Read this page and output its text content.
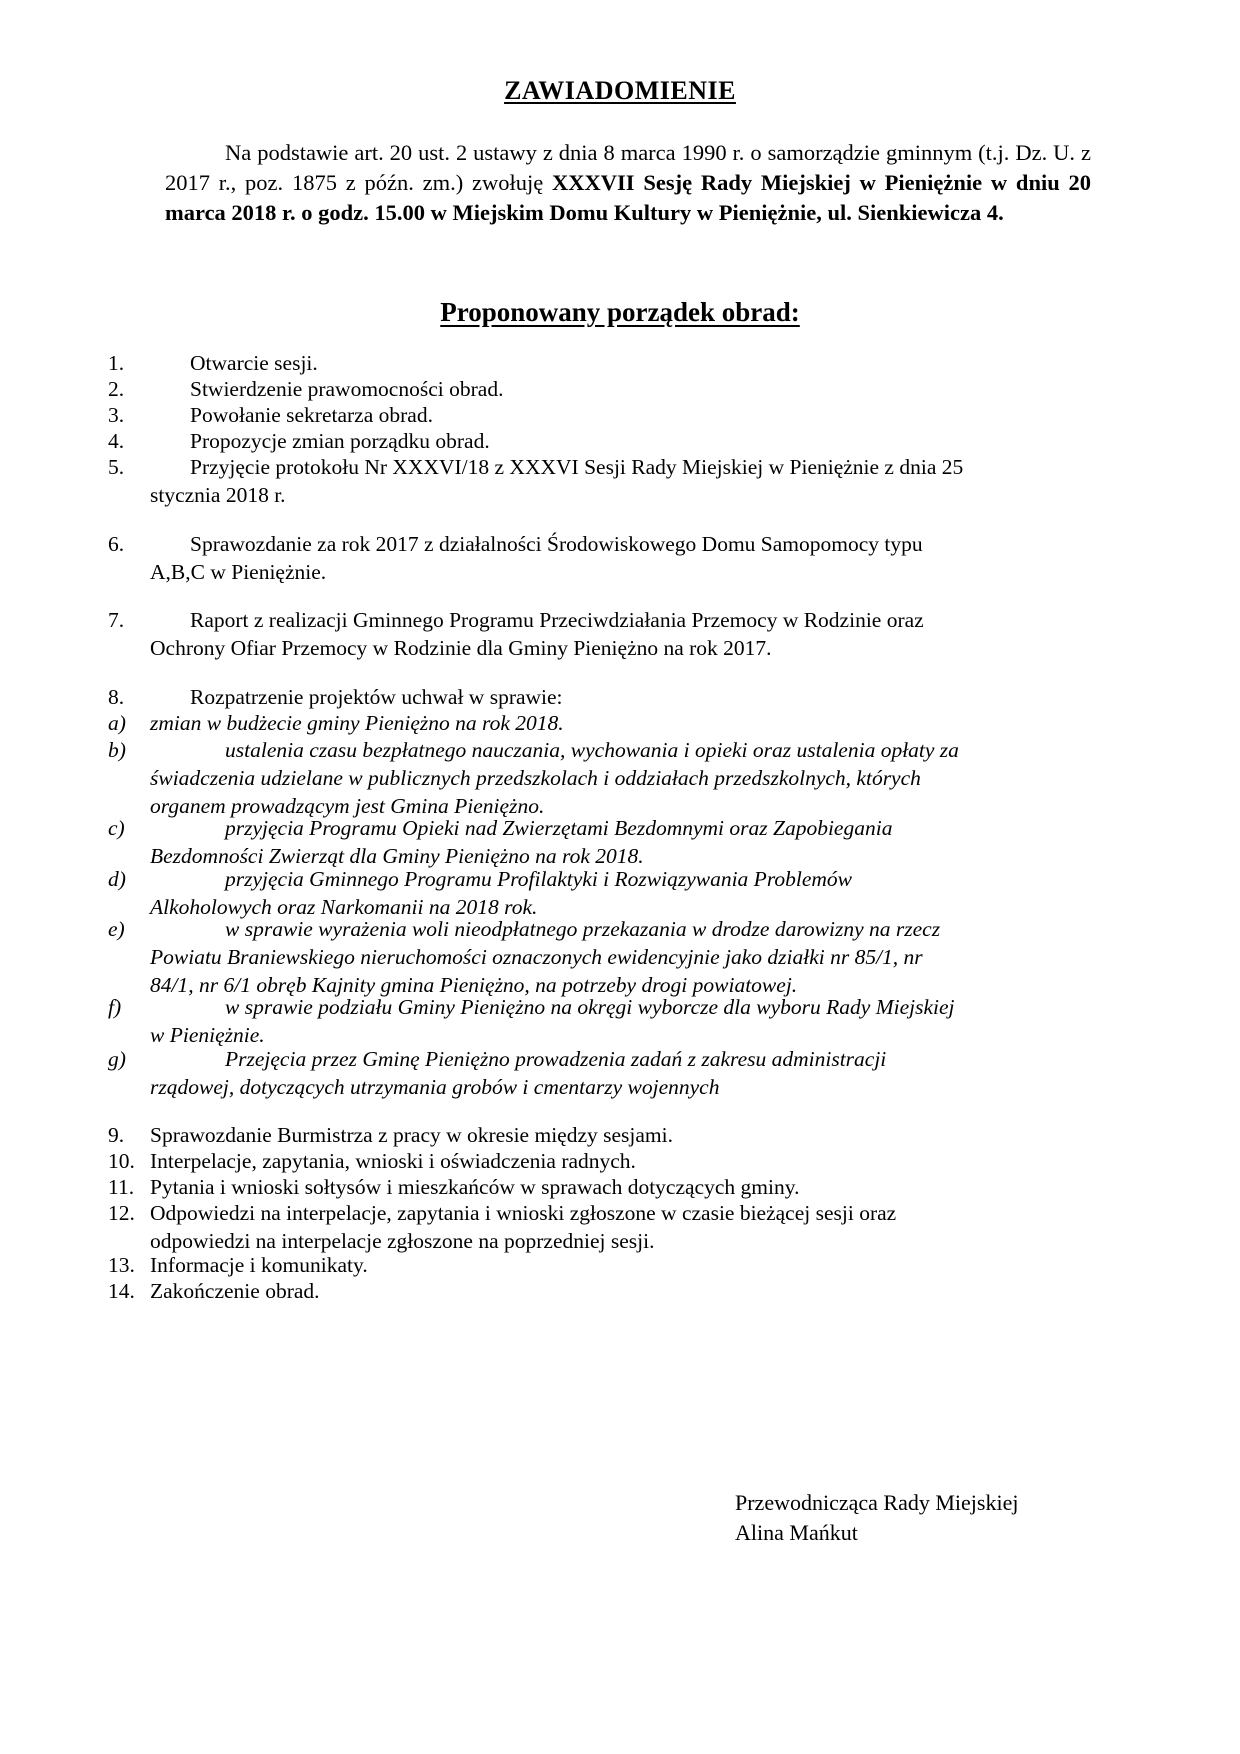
ZAWIADOMIENIE
Na podstawie art. 20 ust. 2 ustawy z dnia 8 marca 1990 r. o samorządzie gminnym (t.j. Dz. U. z 2017 r., poz. 1875 z późn. zm.) zwołuję XXXVII Sesję Rady Miejskiej w Pieniężnie w dniu 20 marca 2018 r. o godz. 15.00 w Miejskim Domu Kultury w Pieniężnie, ul. Sienkiewicza 4.
Proponowany porządek obrad:
1.	Otwarcie sesji.
2.	Stwierdzenie prawomocności obrad.
3.	Powołanie sekretarza obrad.
4.	Propozycje zmian porządku obrad.
5.	Przyjęcie protokołu Nr XXXVI/18 z XXXVI Sesji Rady Miejskiej w Pieniężnie z dnia 25
stycznia 2018 r.
6.	Sprawozdanie za rok 2017 z działalności Środowiskowego Domu Samopomocy typu
A,B,C w Pieniężnie.
7.	Raport z realizacji Gminnego Programu Przeciwdziałania Przemocy w Rodzinie oraz
Ochrony Ofiar Przemocy w Rodzinie dla Gminy Pieniężno na rok 2017.
8.	Rozpatrzenie projektów uchwał w sprawie:
a)	zmian w budżecie gminy Pieniężno na rok 2018.
b)	ustalenia czasu bezpłatnego nauczania, wychowania i opieki oraz ustalenia opłaty za
świadczenia udzielane w publicznych przedszkolach i oddziałach przedszkolnych, których
organem prowadzącym jest Gmina Pieniężno.
c)	przyjęcia Programu Opieki nad Zwierzętami Bezdomnymi oraz Zapobiegania
Bezdomności Zwierząt dla Gminy Pieniężno na rok 2018.
d)	przyjęcia Gminnego Programu Profilaktyki i Rozwiązywania Problemów
Alkoholowych oraz Narkomanii na 2018 rok.
e)	w sprawie wyrażenia woli nieodpłatnego przekazania w drodze darowizny na rzecz
Powiatu Braniewskiego nieruchomości oznaczonych ewidencyjnie jako działki nr 85/1, nr
84/1, nr 6/1 obręb Kajnity gmina Pieniężno, na potrzeby drogi powiatowej.
f)	w sprawie podziału Gminy Pieniężno na okręgi wyborcze dla wyboru Rady Miejskiej
w Pieniężnie.
g)	Przejęcia przez Gminę Pieniężno prowadzenia zadań z zakresu administracji
rządowej, dotyczących utrzymania grobów i cmentarzy wojennych
9.	Sprawozdanie Burmistrza z pracy w okresie między sesjami.
10. Interpelacje, zapytania, wnioski i oświadczenia radnych.
11. Pytania i wnioski sołtysów i mieszkańców w sprawach dotyczących gminy.
12. Odpowiedzi na interpelacje, zapytania i wnioski zgłoszone w czasie bieżącej sesji oraz
odpowiedzi na interpelacje zgłoszone na poprzedniej sesji.
13. Informacje i komunikaty.
14. Zakończenie obrad.
Przewodnicząca Rady Miejskiej
Alina Mańkut
